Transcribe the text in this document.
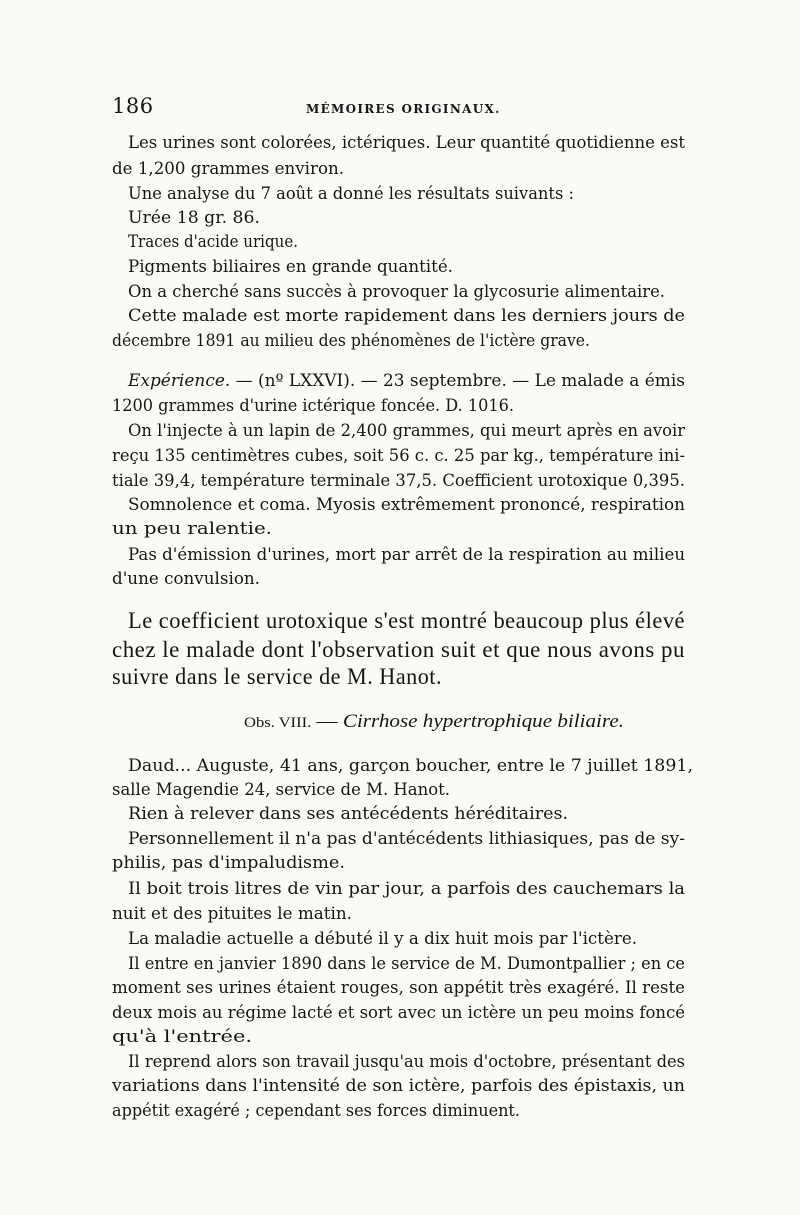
186	MÉMOIRES ORIGINAUX.
Les urines sont colorées, ictériques. Leur quantité quotidienne est
de 1,200 grammes environ.
Une analyse du 7 août a donné les résultats suivants :
Urée 18 gr. 86.
Traces d'acide urique.
Pigments biliaires en grande quantité.
On a cherché sans succès à provoquer la glycosurie alimentaire.
Cette malade est morte rapidement dans les derniers jours de
décembre 1891 au milieu des phénomènes de l'ictère grave.
Expérience. — (nº LXXVI). — 23 septembre. — Le malade a émis
1200 grammes d'urine ictérique foncée. D. 1016.
On l'injecte à un lapin de 2,400 grammes, qui meurt après en avoir
reçu 135 centimètres cubes, soit 56 c. c. 25 par kg., température ini-
tiale 39,4, température terminale 37,5. Coefficient urotoxique 0,395.
Somnolence et coma. Myosis extrêmement prononcé, respiration
un peu ralentie.
Pas d'émission d'urines, mort par arrêt de la respiration au milieu
d'une convulsion.
Le coefficient urotoxique s'est montré beaucoup plus élevé
chez le malade dont l'observation suit et que nous avons pu
suivre dans le service de M. Hanot.
Obs. VIII. — Cirrhose hypertrophique biliaire.
Daud... Auguste, 41 ans, garçon boucher, entre le 7 juillet 1891,
salle Magendie 24, service de M. Hanot.
Rien à relever dans ses antécédents héréditaires.
Personnellement il n'a pas d'antécédents lithiasiques, pas de sy-
philis, pas d'impaludisme.
Il boit trois litres de vin par jour, a parfois des cauchemars la
nuit et des pituites le matin.
La maladie actuelle a débuté il y a dix huit mois par l'ictère.
Il entre en janvier 1890 dans le service de M. Dumontpallier ; en ce
moment ses urines étaient rouges, son appétit très exagéré. Il reste
deux mois au régime lacté et sort avec un ictère un peu moins foncé
qu'à l'entrée.
Il reprend alors son travail jusqu'au mois d'octobre, présentant des
variations dans l'intensité de son ictère, parfois des épistaxis, un
appétit exagéré ; cependant ses forces diminuent.
